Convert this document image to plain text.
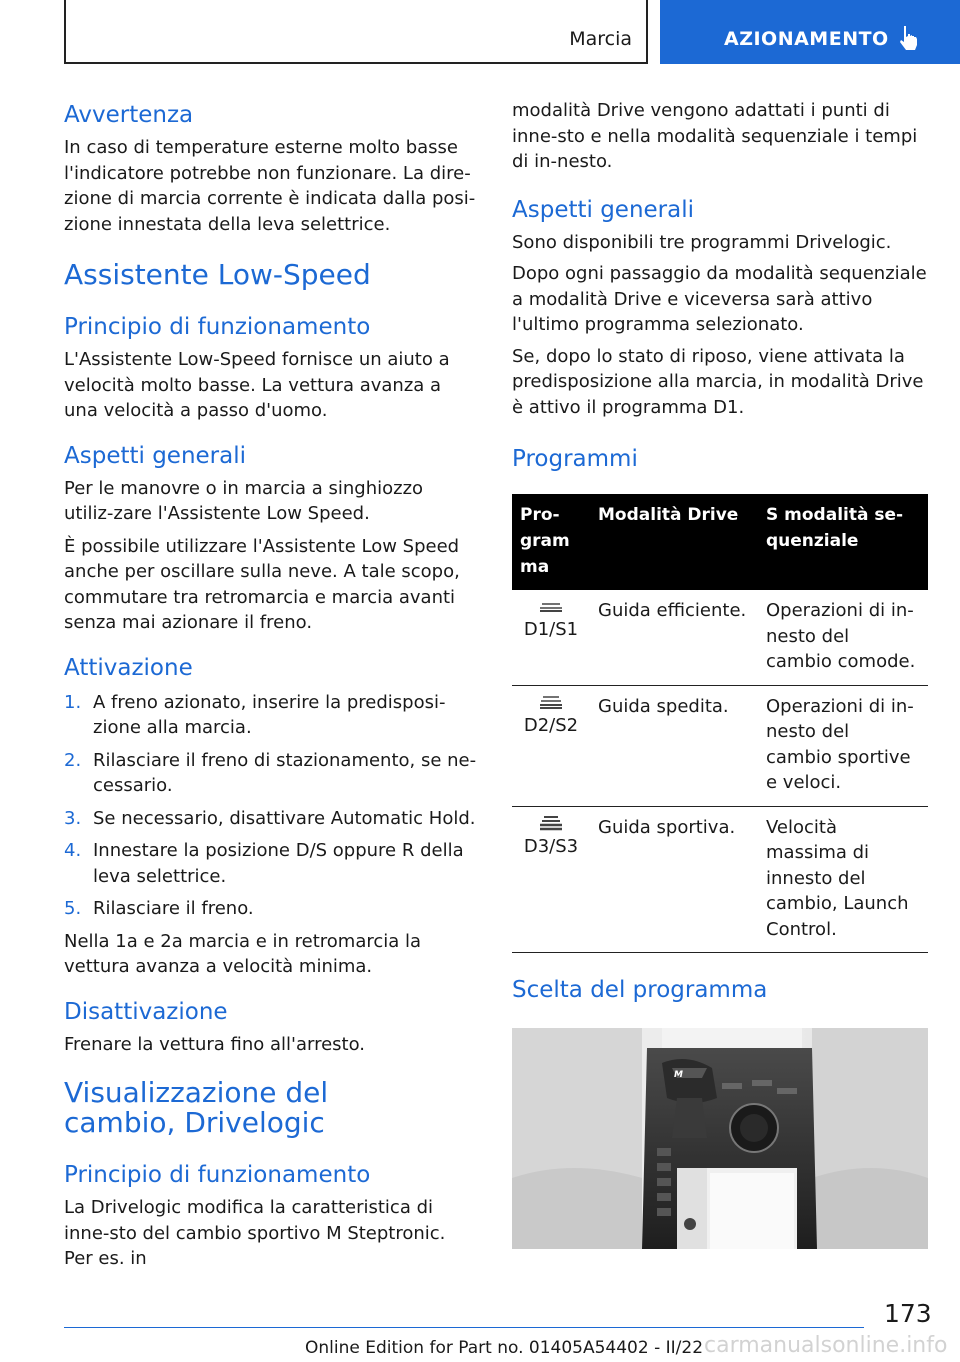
Marcia	AZIONAMENTO
Avvertenza

In caso di temperature esterne molto basse l'indicatore potrebbe non funzionare. La dire-zione di marcia corrente è indicata dalla posi-zione innestata della leva selettrice.

Assistente Low-Speed
Principio di funzionamento

L'Assistente Low-Speed fornisce un aiuto a velocità molto basse. La vettura avanza a una velocità a passo d'uomo.

Aspetti generali

Per le manovre o in marcia a singhiozzo utiliz-zare l'Assistente Low Speed.

È possibile utilizzare l'Assistente Low Speed anche per oscillare sulla neve. A tale scopo, commutare tra retromarcia e marcia avanti senza mai azionare il freno.

Attivazione
1. A freno azionato, inserire la predisposi-zione alla marcia.
2. Rilasciare il freno di stazionamento, se ne-cessario.
3. Se necessario, disattivare Automatic Hold.
4. Innestare la posizione D/S oppure R della leva selettrice.
5. Rilasciare il freno.

Nella 1a e 2a marcia e in retromarcia la vettura avanza a velocità minima.

Disattivazione

Frenare la vettura fino all'arresto.

Visualizzazione del cambio, Drivelogic
Principio di funzionamento

La Drivelogic modifica la caratteristica di inne-sto del cambio sportivo M Steptronic. Per es. in

modalità Drive vengono adattati i punti di inne-sto e nella modalità sequenziale i tempi di in-nesto.

Aspetti generali

Sono disponibili tre programmi Drivelogic.

Dopo ogni passaggio da modalità sequenziale a modalità Drive e viceversa sarà attivo l'ultimo programma selezionato.

Se, dopo lo stato di riposo, viene attivata la predisposizione alla marcia, in modalità Drive è attivo il programma D1.

Programmi
Pro-gram ma	Modalità Drive	S modalità se-quenziale

D1/S1	Guida efficiente.	Operazioni di in-nesto del cambio comode.

D2/S2	Guida spedita.	Operazioni di in-nesto del cambio sportive e veloci.

D3/S3	Guida sportiva.	Velocità massima di innesto del cambio, Launch Control.
Scelta del programma
M
173
Online Edition for Part no. 01405A54402 - II/22 carmanualsonline.info
